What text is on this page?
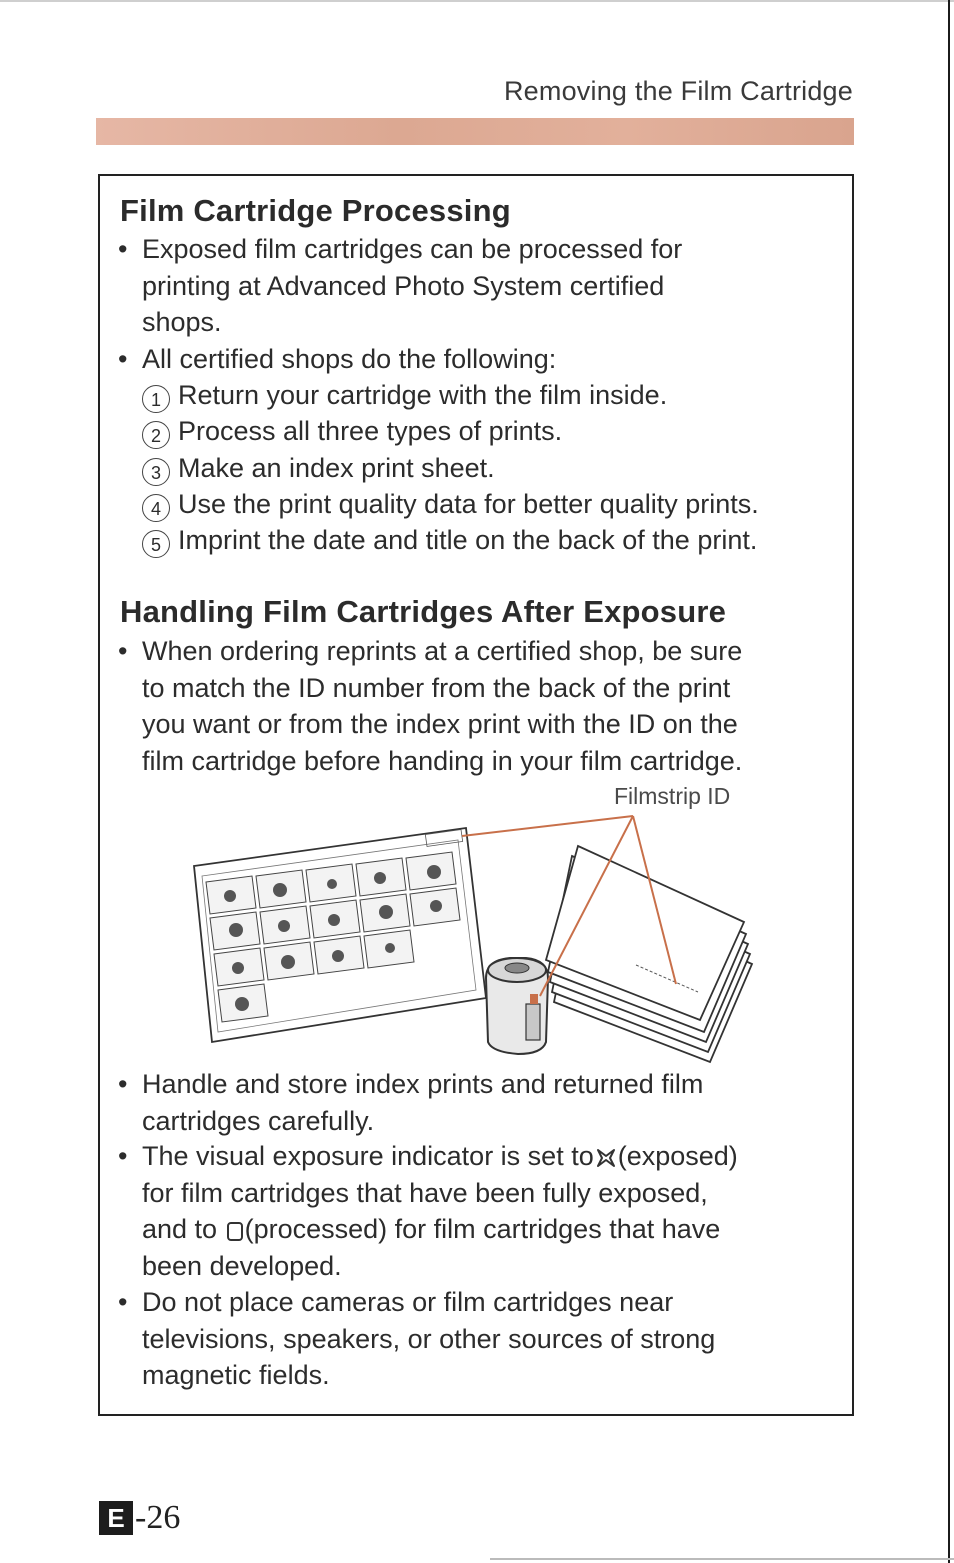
Removing the Film Cartridge
Film Cartridge Processing
• Exposed film cartridges can be processed for
printing at Advanced Photo System certified
shops.
• All certified shops do the following:
1 Return your cartridge with the film inside.
2 Process all three types of prints.
3 Make an index print sheet.
4 Use the print quality data for better quality prints.
5 Imprint the date and title on the back of the print.
Handling Film Cartridges After Exposure
• When ordering reprints at a certified shop, be sure
to match the ID number from the back of the print
you want or from the index print with the ID on the
film cartridge before handing in your film cartridge.
Filmstrip ID
• Handle and store index prints and returned film
cartridges carefully.
• The visual exposure indicator is set to (exposed)
for film cartridges that have been fully exposed,
and to (processed) for film cartridges that have
been developed.
• Do not place cameras or film cartridges near
televisions, speakers, or other sources of strong
magnetic fields.
E -26
